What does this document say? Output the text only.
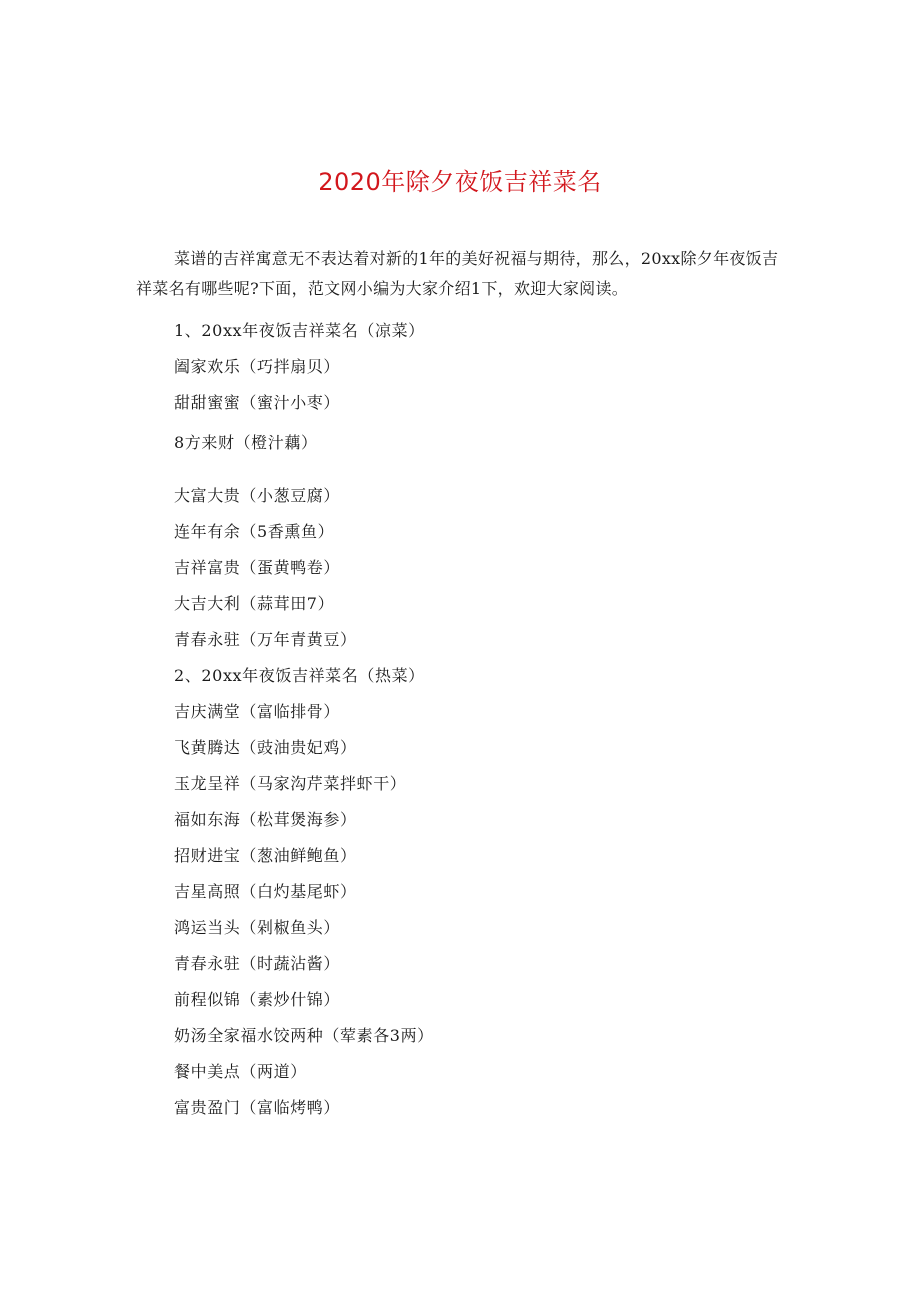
2020年除夕夜饭吉祥菜名
菜谱的吉祥寓意无不表达着对新的1年的美好祝福与期待，那么，20xx除夕年夜饭吉祥菜名有哪些呢?下面，范文网小编为大家介绍1下，欢迎大家阅读。
1、20xx年夜饭吉祥菜名（凉菜）
阖家欢乐（巧拌扇贝）
甜甜蜜蜜（蜜汁小枣）
8方来财（橙汁藕）
大富大贵（小葱豆腐）
连年有余（5香熏鱼）
吉祥富贵（蛋黄鸭卷）
大吉大利（蒜茸田7）
青春永驻（万年青黄豆）
2、20xx年夜饭吉祥菜名（热菜）
吉庆满堂（富临排骨）
飞黄腾达（豉油贵妃鸡）
玉龙呈祥（马家沟芹菜拌虾干）
福如东海（松茸煲海参）
招财进宝（葱油鲜鲍鱼）
吉星高照（白灼基尾虾）
鸿运当头（剁椒鱼头）
青春永驻（时蔬沾酱）
前程似锦（素炒什锦）
奶汤全家福水饺两种（荤素各3两）
餐中美点（两道）
富贵盈门（富临烤鸭）
